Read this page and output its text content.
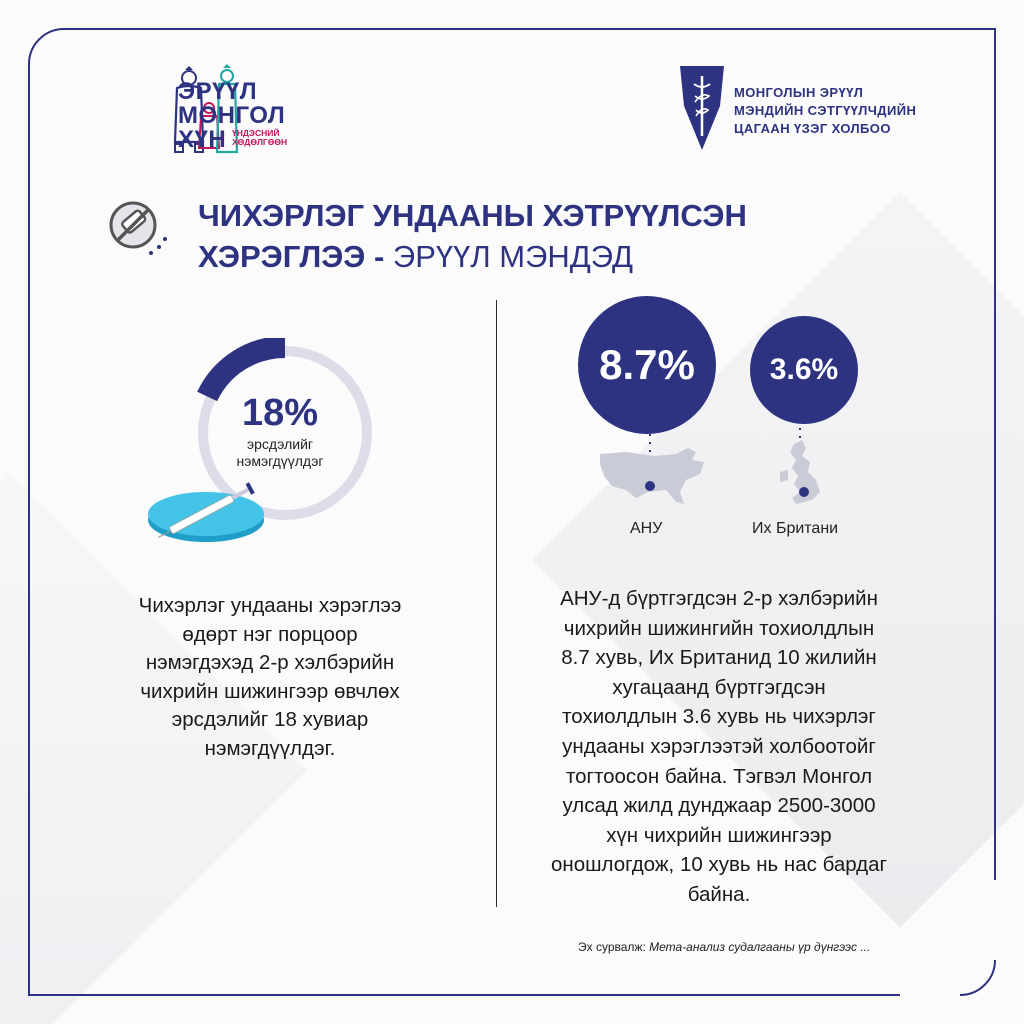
ЭРҮҮЛ
МОНГОЛ
ХҮН ҮНДЭСНИЙ
ХӨДӨЛГӨӨН
МОНГОЛЫН ЭРҮҮЛ
МЭНДИЙН СЭТГҮҮЛЧДИЙН
ЦАГААН ҮЗЭГ ХОЛБОО
ЧИХЭРЛЭГ УНДААНЫ ХЭТРҮҮЛСЭН
ХЭРЭГЛЭЭ - ЭРҮҮЛ МЭНДЭД
18%
эрсдэлийг
нэмэгдүүлдэг
Чихэрлэг ундааны хэрэглээ
өдөрт нэг порцоор
нэмэгдэхэд 2-р хэлбэрийн
чихрийн шижингээр өвчлөх
эрсдэлийг 18 хувиар
нэмэгдүүлдэг.
8.7%	3.6%
АНУ	Их Британи
АНУ-д бүртгэгдсэн 2-р хэлбэрийн
чихрийн шижингийн тохиолдлын
8.7 хувь, Их Британид 10 жилийн
хугацаанд бүртгэгдсэн
тохиолдлын 3.6 хувь нь чихэрлэг
ундааны хэрэглээтэй холбоотойг
тогтоосон байна. Тэгвэл Монгол
улсад жилд дунджаар 2500-3000
хүн чихрийн шижингээр
оношлогдож, 10 хувь нь нас бардаг
байна.
Эх сурвалж: Мета-анализ судалгааны үр дүнгээс ...
